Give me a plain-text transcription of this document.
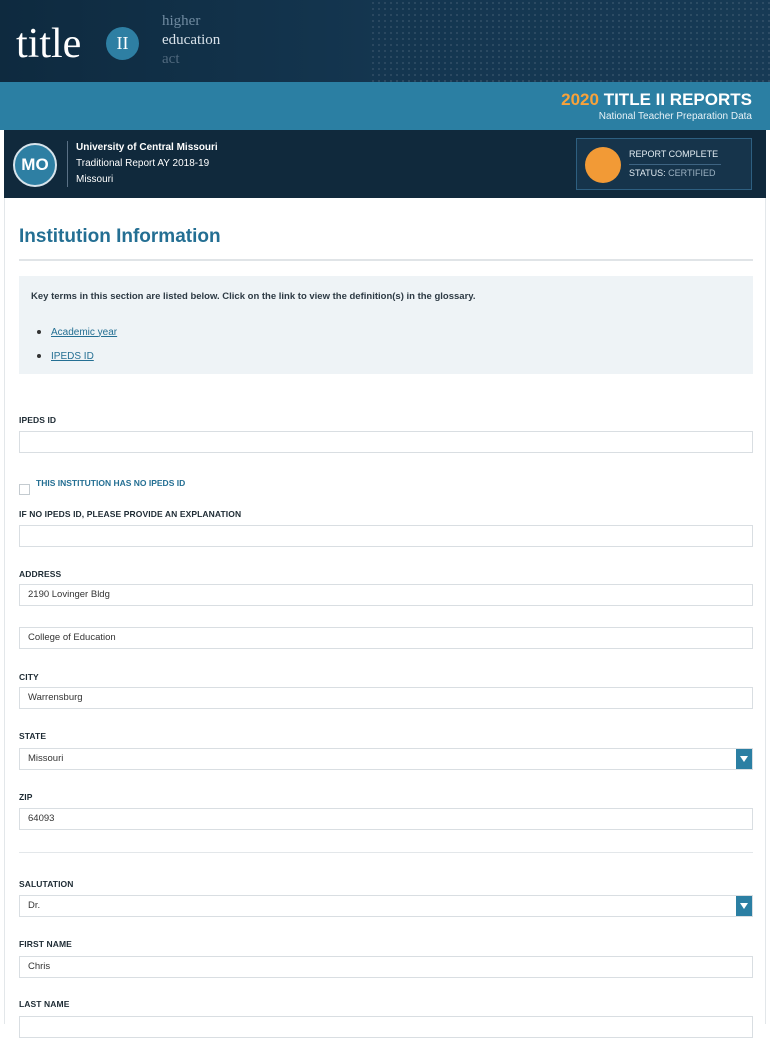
title	II
higher
education
act
2020 TITLE II REPORTS
National Teacher Preparation Data
MO
University of Central Missouri
Traditional Report AY 2018-19
Missouri
REPORT COMPLETE
STATUS: CERTIFIED
Institution Information
Key terms in this section are listed below. Click on the link to view the definition(s) in the glossary.
Academic year
IPEDS ID
IPEDS ID
THIS INSTITUTION HAS NO IPEDS ID
IF NO IPEDS ID, PLEASE PROVIDE AN EXPLANATION
ADDRESS
2190 Lovinger Bldg
College of Education
CITY
Warrensburg
STATE
Missouri
ZIP
64093
SALUTATION
Dr.
FIRST NAME
Chris
LAST NAME
